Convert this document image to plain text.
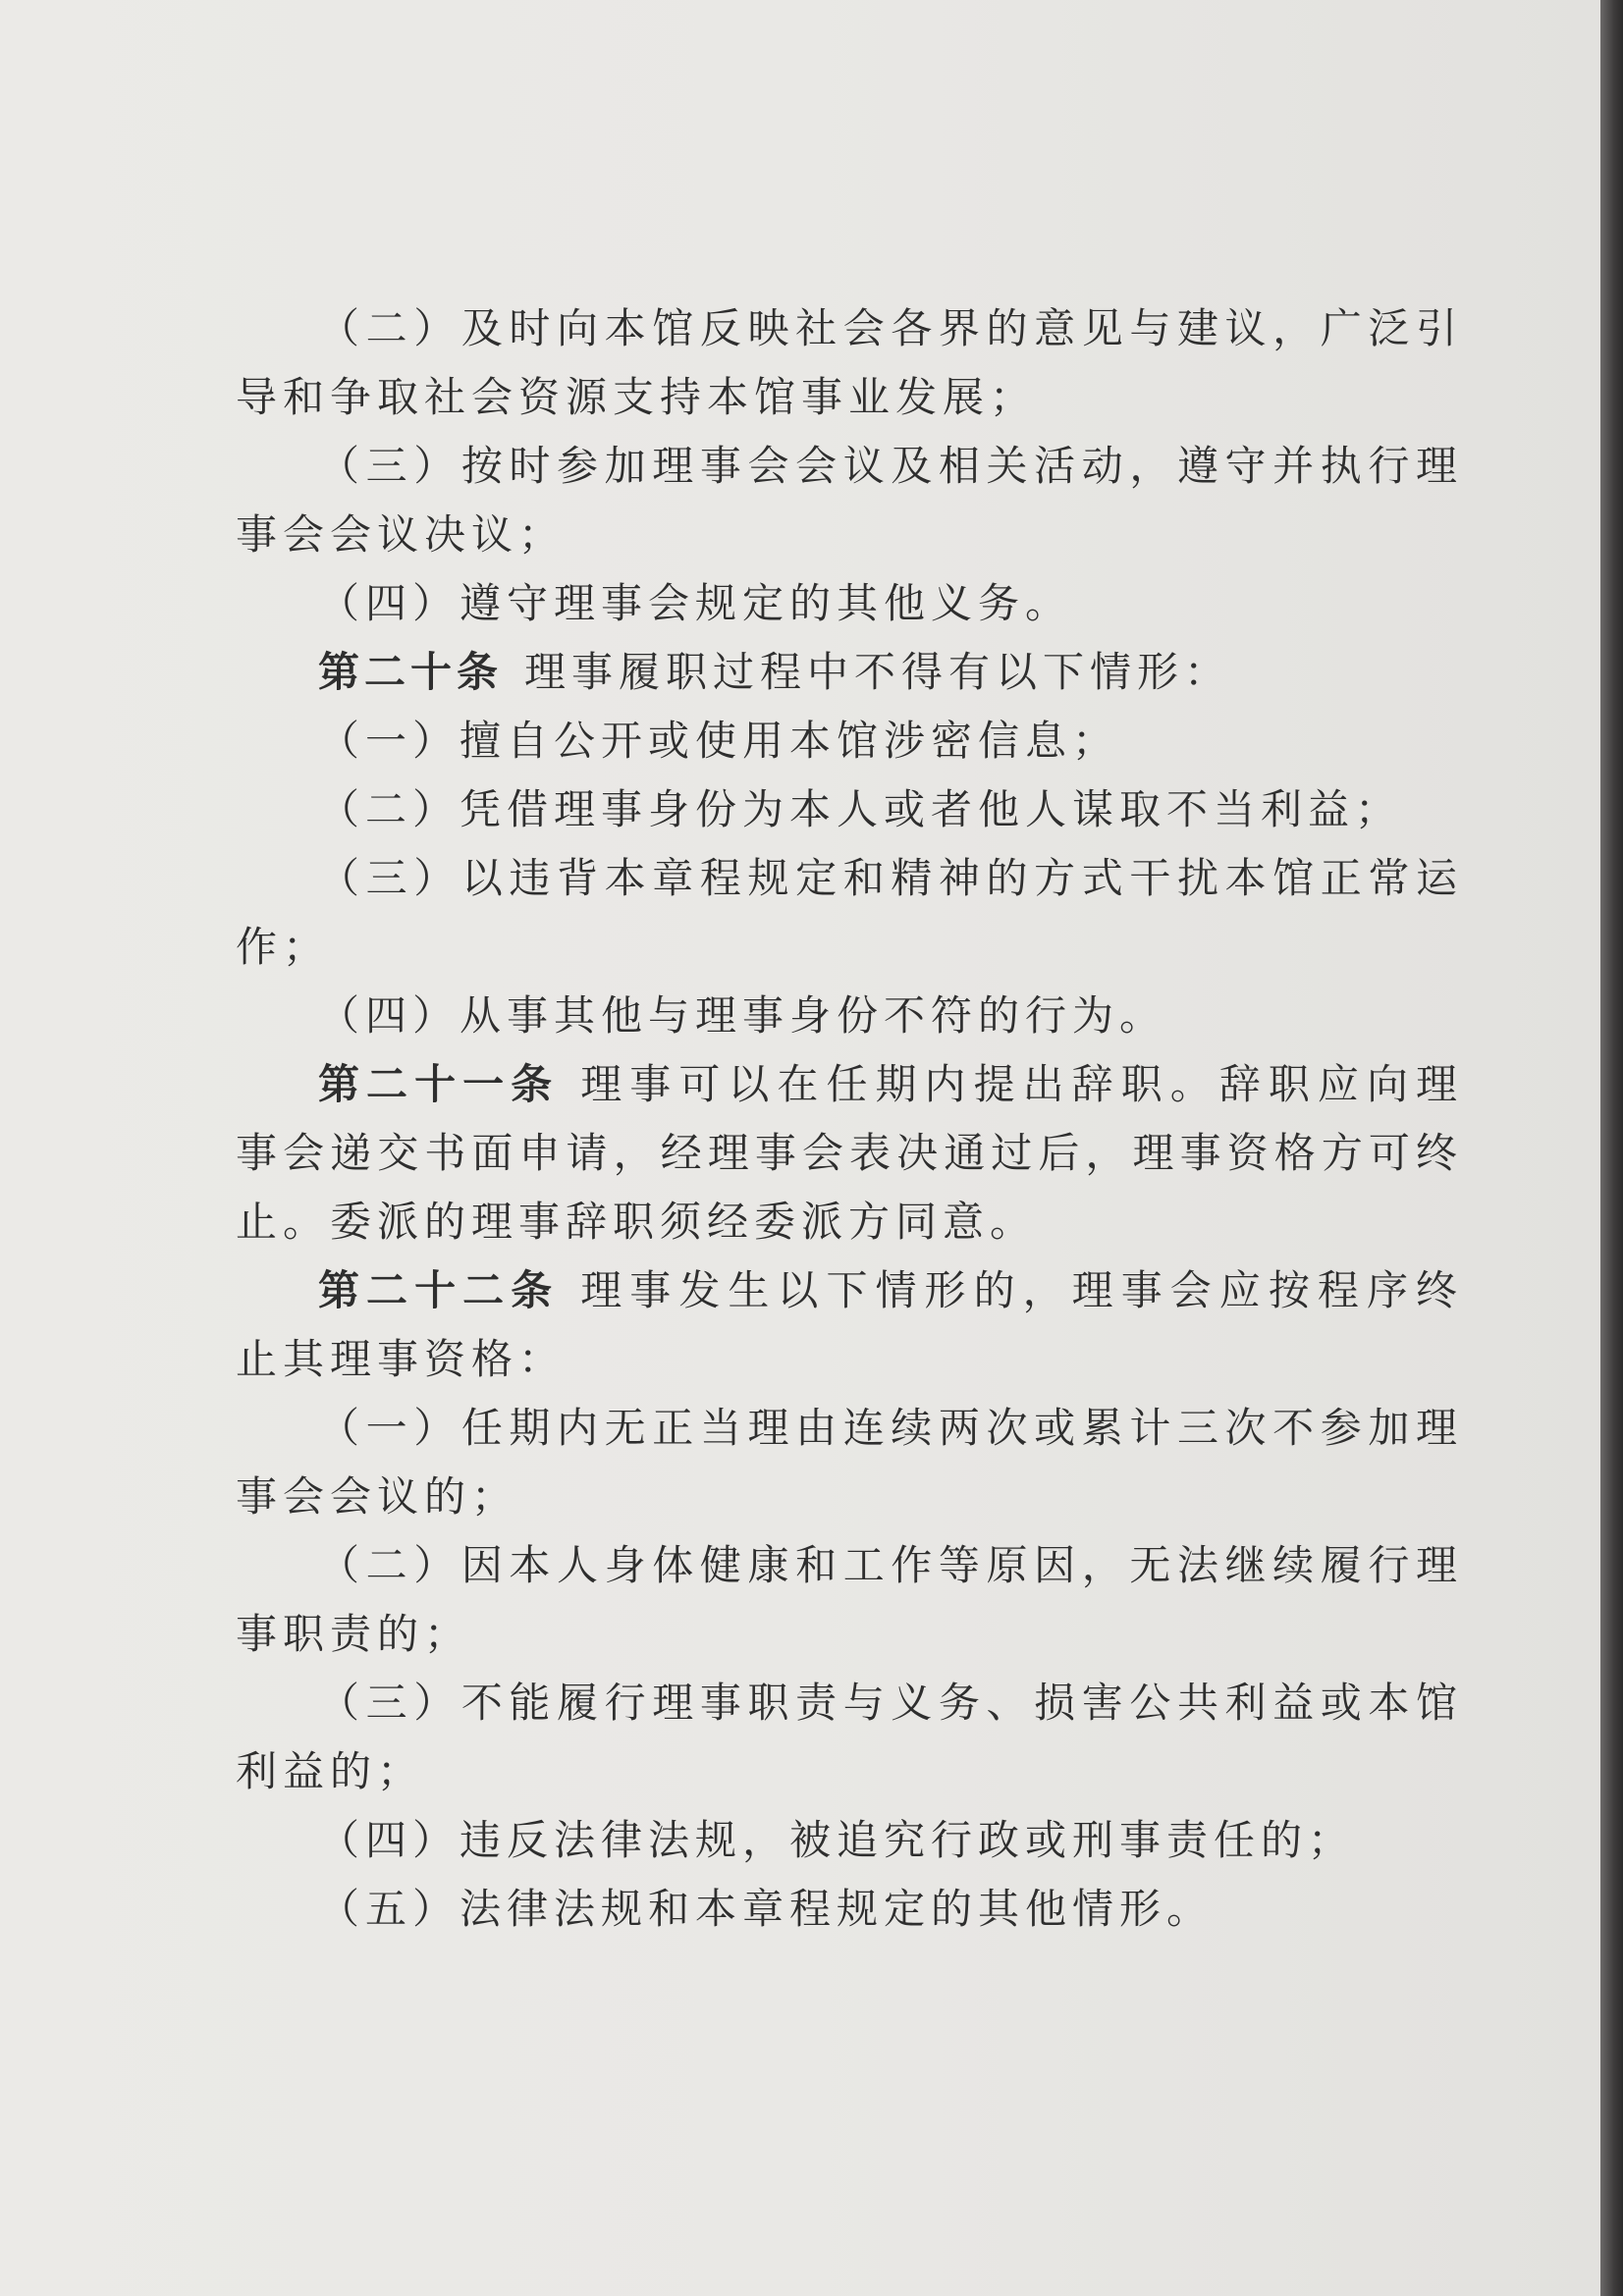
（二）及时向本馆反映社会各界的意见与建议，广泛引导和争取社会资源支持本馆事业发展；

（三）按时参加理事会会议及相关活动，遵守并执行理事会会议决议；

（四）遵守理事会规定的其他义务。

第二十条 理事履职过程中不得有以下情形：

（一）擅自公开或使用本馆涉密信息；

（二）凭借理事身份为本人或者他人谋取不当利益；

（三）以违背本章程规定和精神的方式干扰本馆正常运作；

（四）从事其他与理事身份不符的行为。

第二十一条 理事可以在任期内提出辞职。辞职应向理事会递交书面申请，经理事会表决通过后，理事资格方可终止。委派的理事辞职须经委派方同意。

第二十二条 理事发生以下情形的，理事会应按程序终止其理事资格：

（一）任期内无正当理由连续两次或累计三次不参加理事会会议的；

（二）因本人身体健康和工作等原因，无法继续履行理事职责的；

（三）不能履行理事职责与义务、损害公共利益或本馆利益的；

（四）违反法律法规，被追究行政或刑事责任的；

（五）法律法规和本章程规定的其他情形。
